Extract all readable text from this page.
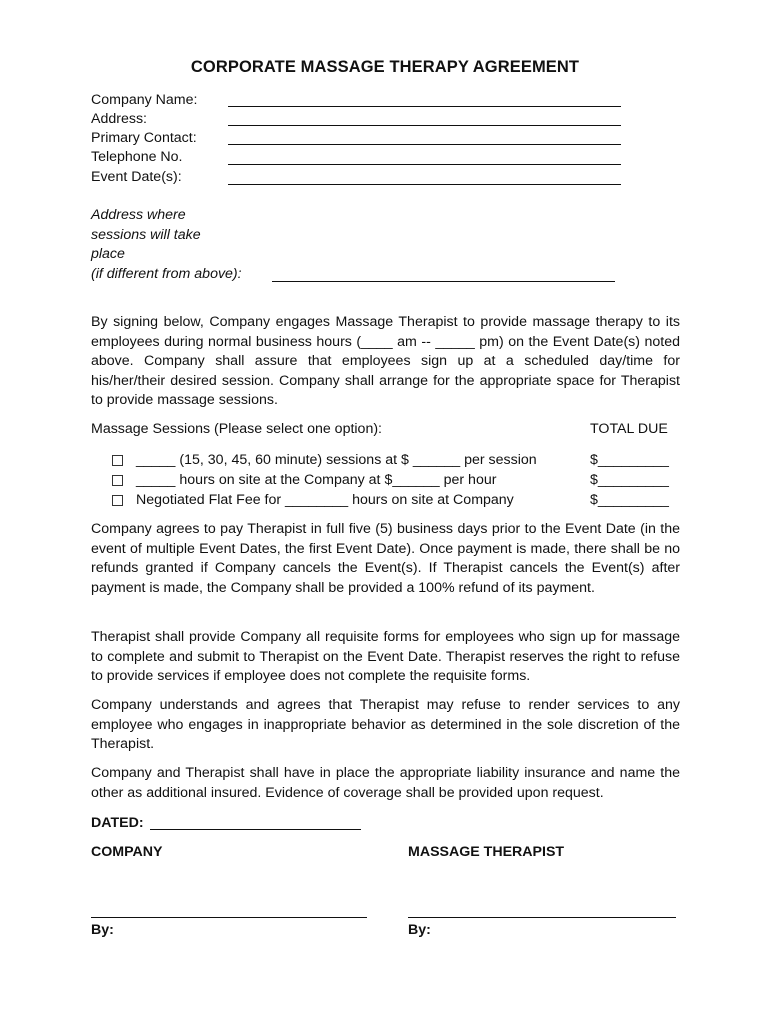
CORPORATE MASSAGE THERAPY AGREEMENT
Company Name:
Address:
Primary Contact:
Telephone No.
Event Date(s):
Address where
sessions will take
place
(if different from above):
By signing below, Company engages Massage Therapist to provide massage therapy to its employees during normal business hours (____ am -- _____ pm) on the Event Date(s) noted above. Company shall assure that employees sign up at a scheduled day/time for his/her/their desired session. Company shall arrange for the appropriate space for Therapist to provide massage sessions.
Massage Sessions (Please select one option):	TOTAL DUE
_____ (15, 30, 45, 60 minute) sessions at $ ______ per session	$_________
_____ hours on site at the Company at $______ per hour	$_________
Negotiated Flat Fee for ________ hours on site at Company	$_________
Company agrees to pay Therapist in full five (5) business days prior to the Event Date (in the event of multiple Event Dates, the first Event Date). Once payment is made, there shall be no refunds granted if Company cancels the Event(s). If Therapist cancels the Event(s) after payment is made, the Company shall be provided a 100% refund of its payment.
Therapist shall provide Company all requisite forms for employees who sign up for massage to complete and submit to Therapist on the Event Date. Therapist reserves the right to refuse to provide services if employee does not complete the requisite forms.
Company understands and agrees that Therapist may refuse to render services to any employee who engages in inappropriate behavior as determined in the sole discretion of the Therapist.
Company and Therapist shall have in place the appropriate liability insurance and name the other as additional insured. Evidence of coverage shall be provided upon request.
DATED:
COMPANY	MASSAGE THERAPIST
By:	By:
